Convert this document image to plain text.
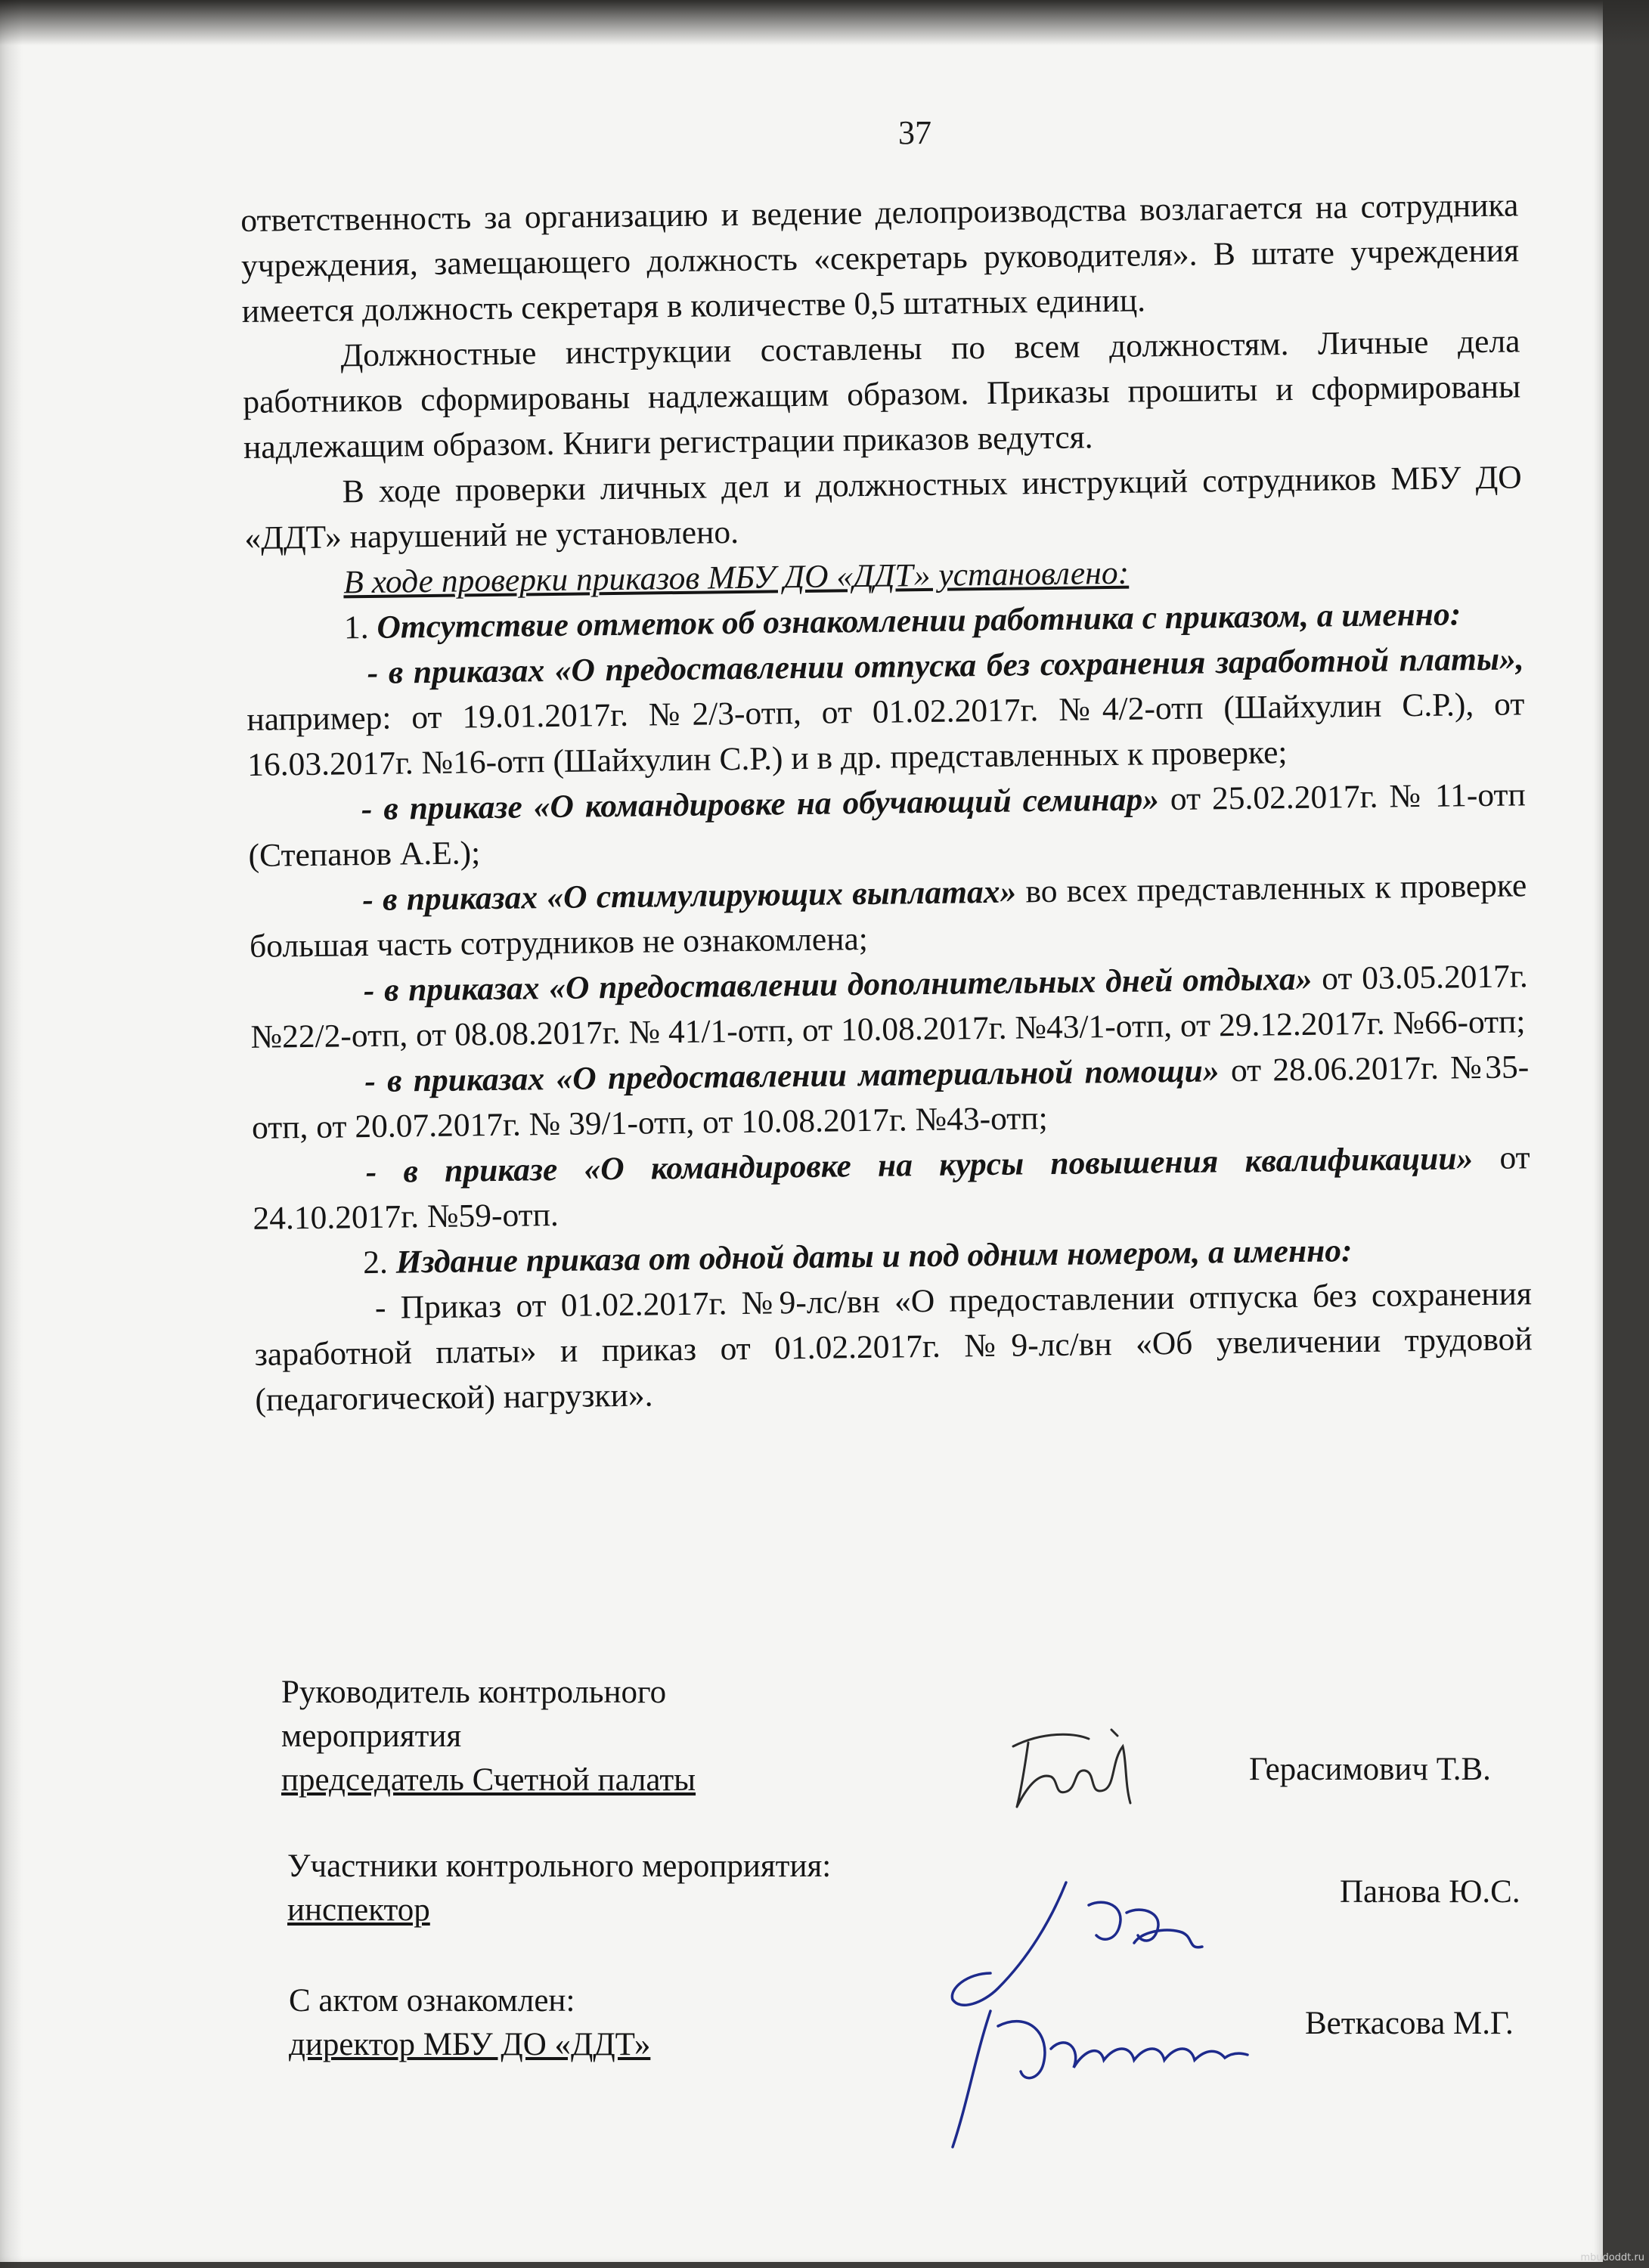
37

ответственность за организацию и ведение делопроизводства возлагается на сотрудника учреждения, замещающего должность «секретарь руководителя». В штате учреждения имеется должность секретаря в количестве 0,5 штатных единиц.

Должностные инструкции составлены по всем должностям. Личные дела работников сформированы надлежащим образом. Приказы прошиты и сформированы надлежащим образом. Книги регистрации приказов ведутся.

В ходе проверки личных дел и должностных инструкций сотрудников МБУ ДО «ДДТ» нарушений не установлено.

В ходе проверки приказов МБУ ДО «ДДТ» установлено:

1. Отсутствие отметок об ознакомлении работника с приказом, а именно:

- в приказах «О предоставлении отпуска без сохранения заработной платы», например: от 19.01.2017г. №2/3-отп, от 01.02.2017г. №4/2-отп (Шайхулин С.Р.), от 16.03.2017г. №16-отп (Шайхулин С.Р.) и в др. представленных к проверке;

- в приказе «О командировке на обучающий семинар» от 25.02.2017г. № 11-отп (Степанов А.Е.);

- в приказах «О стимулирующих выплатах» во всех представленных к проверке большая часть сотрудников не ознакомлена;

- в приказах «О предоставлении дополнительных дней отдыха» от 03.05.2017г. №22/2-отп, от 08.08.2017г. № 41/1-отп, от 10.08.2017г. №43/1-отп, от 29.12.2017г. №66-отп;

- в приказах «О предоставлении материальной помощи» от 28.06.2017г. №35-отп, от 20.07.2017г. № 39/1-отп, от 10.08.2017г. №43-отп;

- в приказе «О командировке на курсы повышения квалификации» от 24.10.2017г. №59-отп.

2. Издание приказа от одной даты и под одним номером, а именно:

- Приказ от 01.02.2017г. №9-лс/вн «О предоставлении отпуска без сохранения заработной платы» и приказ от 01.02.2017г. №9-лс/вн «Об увеличении трудовой (педагогической) нагрузки».

Руководитель контрольного
мероприятия
председатель Счетной палаты	Герасимович Т.В.
Участники контрольного мероприятия:
инспектор
Панова Ю.С.
С актом ознакомлен:
директор МБУ ДО «ДДТ»
Веткасова М.Г.
mbudoddt.ru
